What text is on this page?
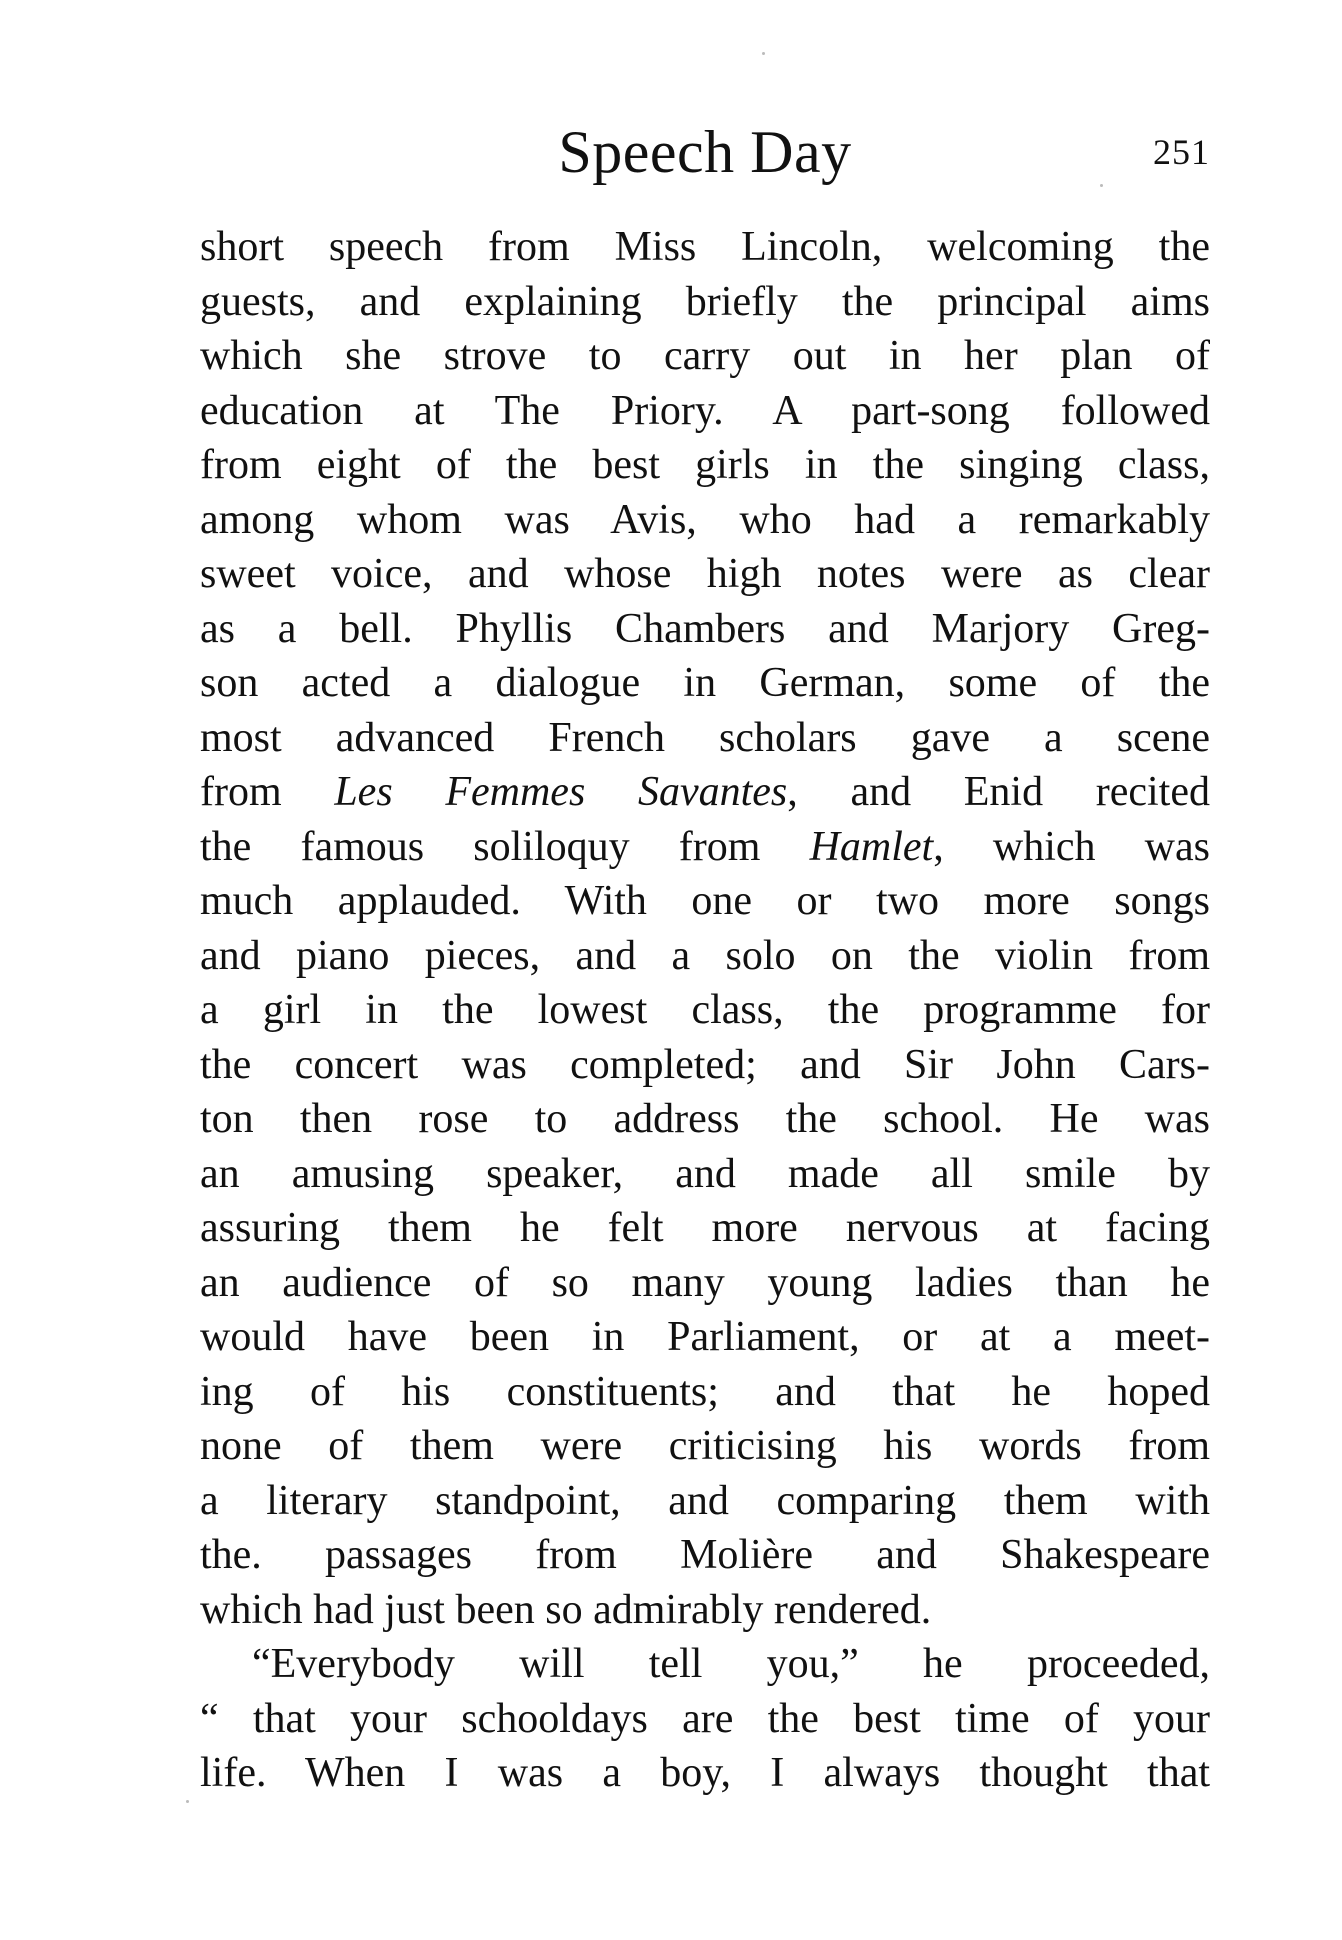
Speech Day	251
short speech from Miss Lincoln, welcoming the
guests, and explaining briefly the principal aims
which she strove to carry out in her plan of
education at The Priory. A part-song followed
from eight of the best girls in the singing class,
among whom was Avis, who had a remarkably
sweet voice, and whose high notes were as clear
as a bell. Phyllis Chambers and Marjory Greg-
son acted a dialogue in German, some of the
most advanced French scholars gave a scene
from Les Femmes Savantes, and Enid recited
the famous soliloquy from Hamlet, which was
much applauded. With one or two more songs
and piano pieces, and a solo on the violin from
a girl in the lowest class, the programme for
the concert was completed; and Sir John Cars-
ton then rose to address the school. He was
an amusing speaker, and made all smile by
assuring them he felt more nervous at facing
an audience of so many young ladies than he
would have been in Parliament, or at a meet-
ing of his constituents; and that he hoped
none of them were criticising his words from
a literary standpoint, and comparing them with
the. passages from Molière and Shakespeare
which had just been so admirably rendered.
“Everybody will tell you,” he proceeded,
“ that your schooldays are the best time of your
life. When I was a boy, I always thought that
